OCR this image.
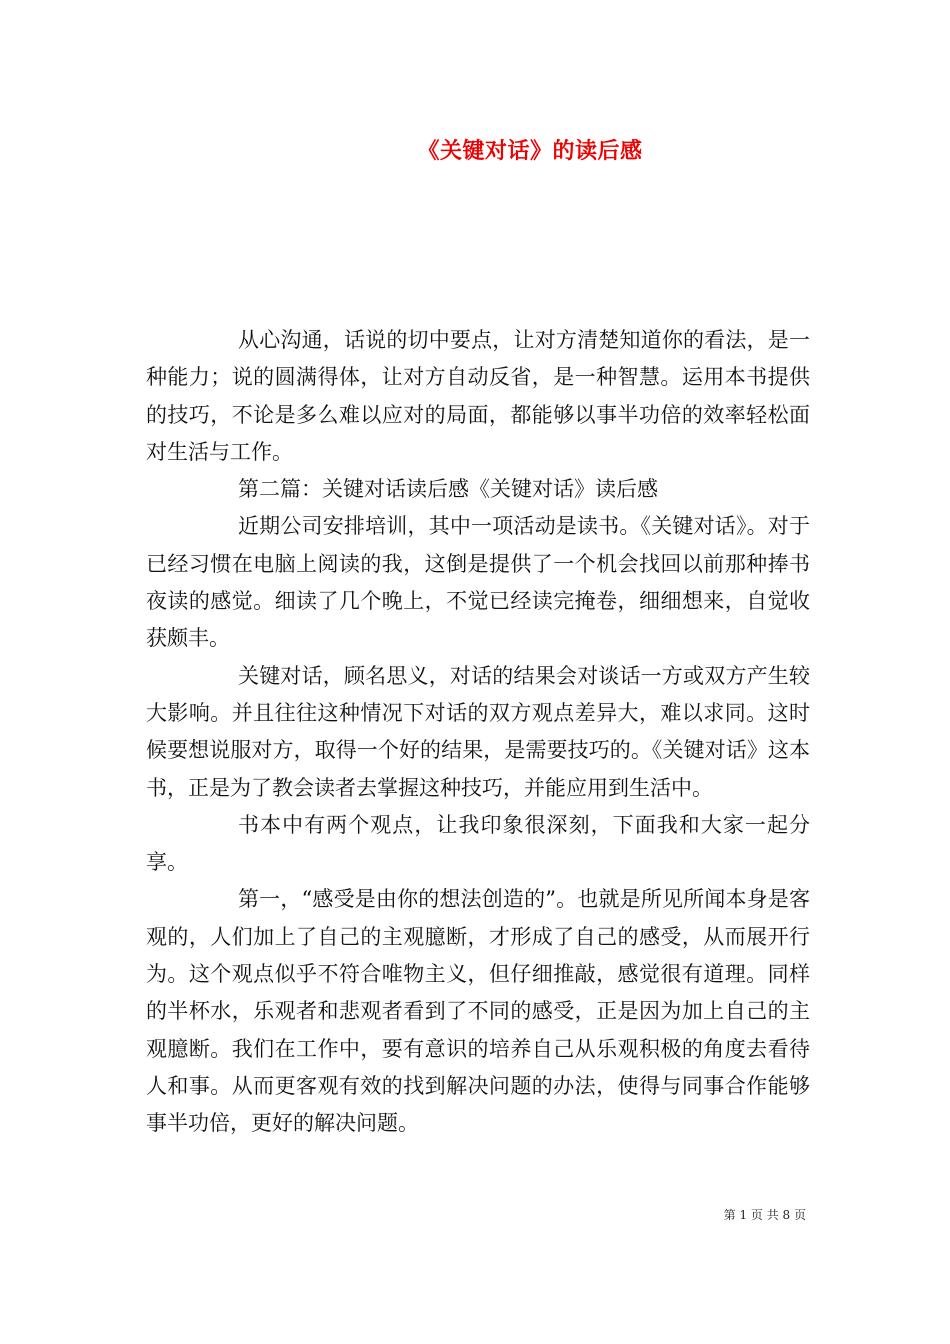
《关键对话》的读后感

从心沟通，话说的切中要点，让对方清楚知道你的看法，是一种能力；说的圆满得体，让对方自动反省，是一种智慧。运用本书提供的技巧，不论是多么难以应对的局面，都能够以事半功倍的效率轻松面对生活与工作。

第二篇：关键对话读后感《关键对话》读后感

近期公司安排培训，其中一项活动是读书。《关键对话》。对于已经习惯在电脑上阅读的我，这倒是提供了一个机会找回以前那种捧书夜读的感觉。细读了几个晚上，不觉已经读完掩卷，细细想来，自觉收获颇丰。

关键对话，顾名思义，对话的结果会对谈话一方或双方产生较大影响。并且往往这种情况下对话的双方观点差异大，难以求同。这时候要想说服对方，取得一个好的结果，是需要技巧的。《关键对话》这本书，正是为了教会读者去掌握这种技巧，并能应用到生活中。

书本中有两个观点，让我印象很深刻，下面我和大家一起分享。

第一，“感受是由你的想法创造的”。也就是所见所闻本身是客观的，人们加上了自己的主观臆断，才形成了自己的感受，从而展开行为。这个观点似乎不符合唯物主义，但仔细推敲，感觉很有道理。同样的半杯水，乐观者和悲观者看到了不同的感受，正是因为加上自己的主观臆断。我们在工作中，要有意识的培养自己从乐观积极的角度去看待人和事。从而更客观有效的找到解决问题的办法，使得与同事合作能够事半功倍，更好的解决问题。

第 1 页 共 8 页
